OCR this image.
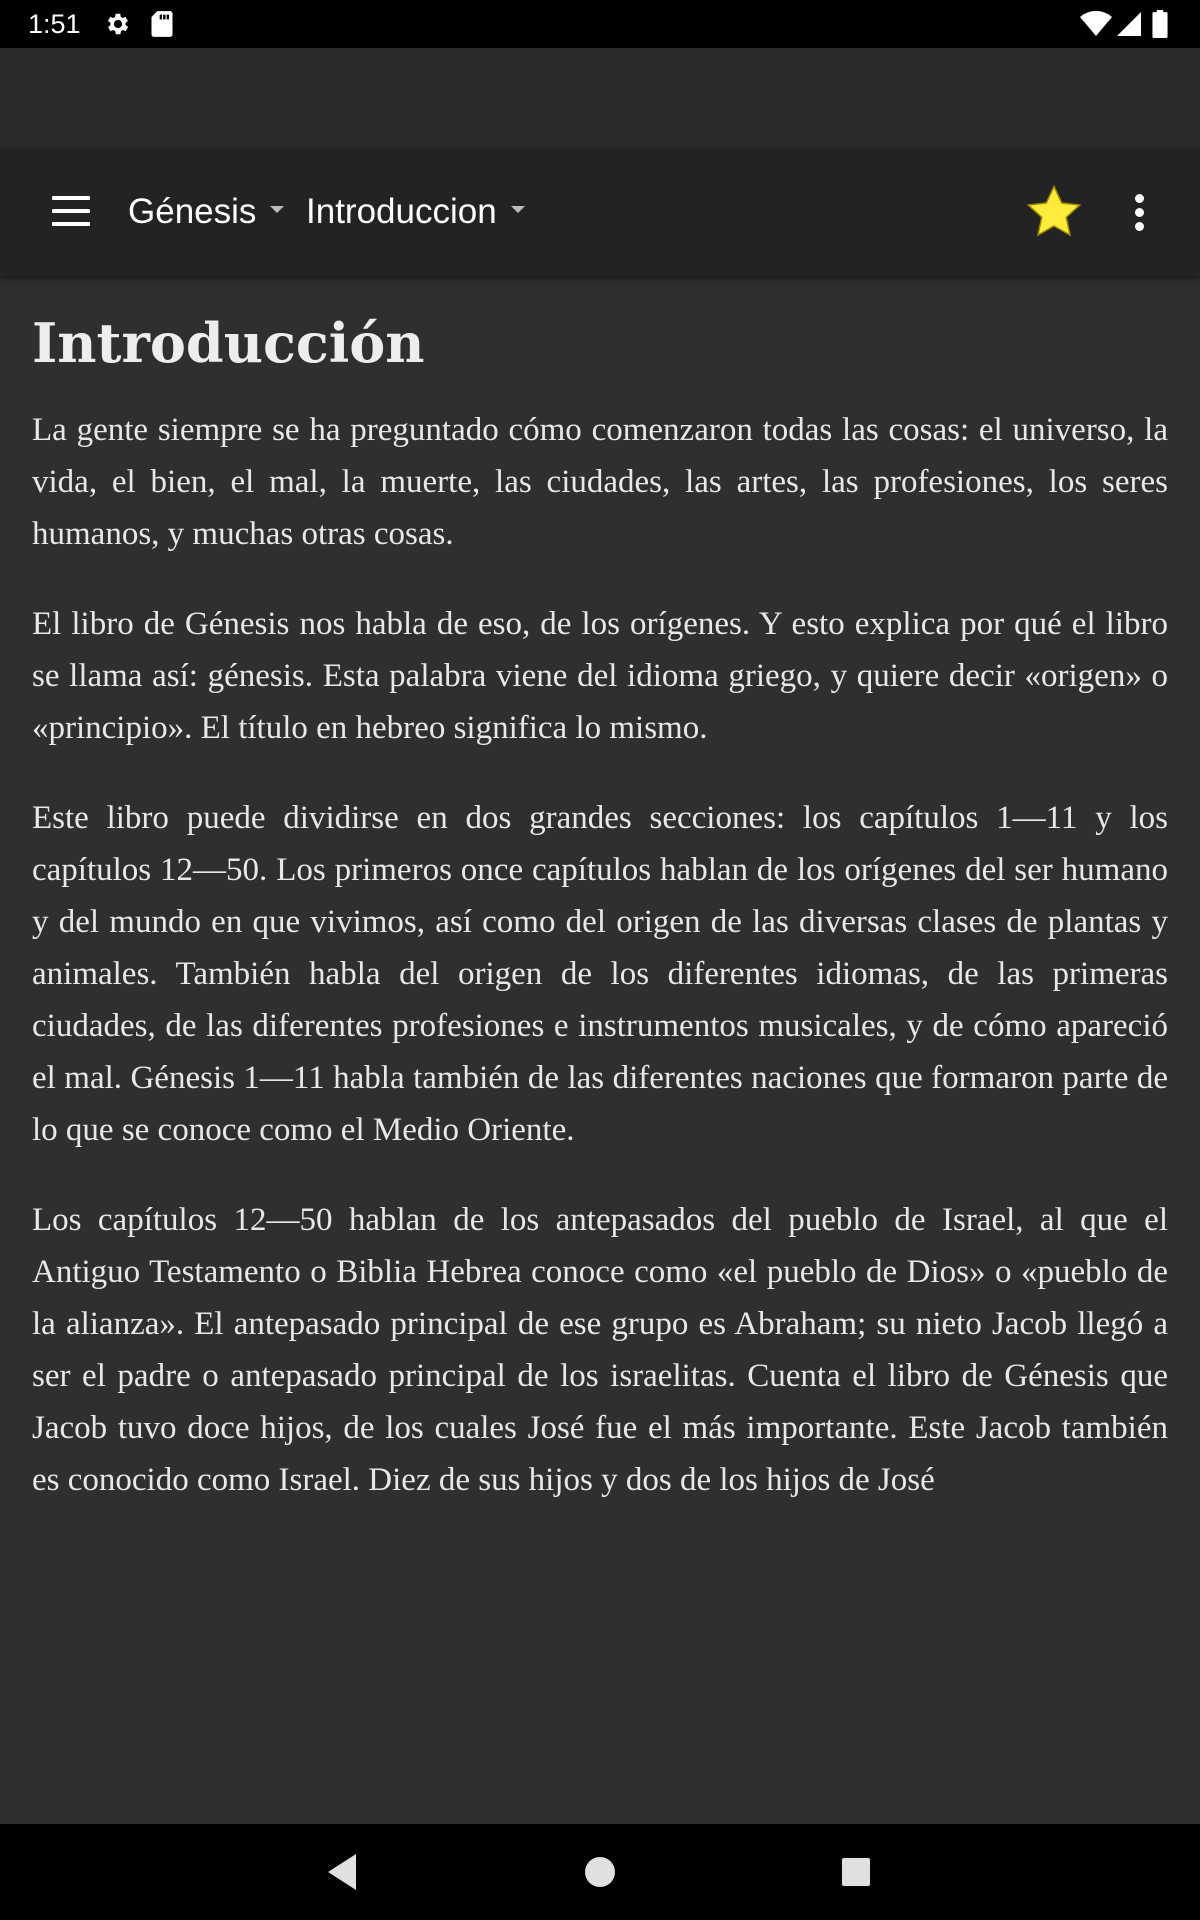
1:51
Génesis	Introduccion
Introducción

La gente siempre se ha preguntado cómo comenzaron todas las cosas: el universo, la vida, el bien, el mal, la muerte, las ciudades, las artes, las profesiones, los seres humanos, y muchas otras cosas.

El libro de Génesis nos habla de eso, de los orígenes. Y esto explica por qué el libro se llama así: génesis. Esta palabra viene del idioma griego, y quiere decir «origen» o «principio». El título en hebreo significa lo mismo.

Este libro puede dividirse en dos grandes secciones: los capítulos 1—11 y los capítulos 12—50. Los primeros once capítulos hablan de los orígenes del ser humano y del mundo en que vivimos, así como del origen de las diversas clases de plantas y animales. También habla del origen de los diferentes idiomas, de las primeras ciudades, de las diferentes profesiones e instrumentos musicales, y de cómo apareció el mal. Génesis 1—11 habla también de las diferentes naciones que formaron parte de lo que se conoce como el Medio Oriente.

Los capítulos 12—50 hablan de los antepasados del pueblo de Israel, al que el Antiguo Testamento o Biblia Hebrea conoce como «el pueblo de Dios» o «pueblo de la alianza». El antepasado principal de ese grupo es Abraham; su nieto Jacob llegó a ser el padre o antepasado principal de los israelitas. Cuenta el libro de Génesis que Jacob tuvo doce hijos, de los cuales José fue el más importante. Este Jacob también es conocido como Israel. Diez de sus hijos y dos de los hijos de José
